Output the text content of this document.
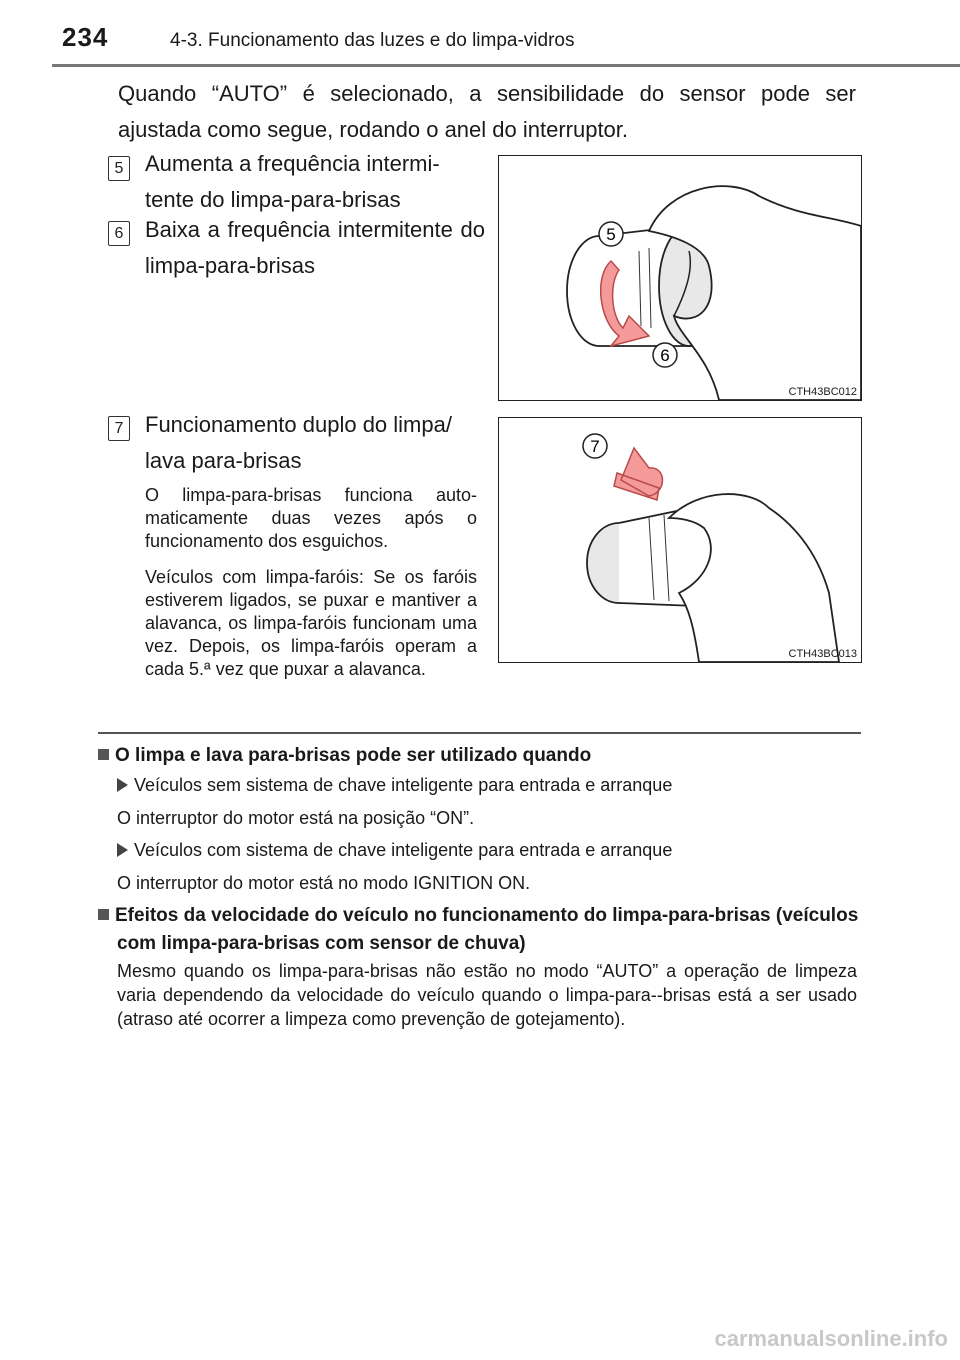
234	4-3. Funcionamento das luzes e do limpa-vidros
Quando “AUTO” é selecionado, a sensibilidade do sensor pode ser ajustada como segue, rodando o anel do interruptor.
5 Aumenta a frequência intermi-tente do limpa-para-brisas
6 Baixa a frequência intermitente do limpa-para-brisas
5
6
CTH43BC012
7 Funcionamento duplo do limpa/ lava para-brisas
O limpa-para-brisas funciona auto-maticamente duas vezes após o funcionamento dos esguichos.
Veículos com limpa-faróis: Se os faróis estiverem ligados, se puxar e mantiver a alavanca, os limpa-faróis funcionam uma vez. Depois, os limpa-faróis operam a cada 5.ª vez que puxar a alavanca.
7
CTH43BC013
O limpa e lava para-brisas pode ser utilizado quando
Veículos sem sistema de chave inteligente para entrada e arranque
O interruptor do motor está na posição “ON”.
Veículos com sistema de chave inteligente para entrada e arranque
O interruptor do motor está no modo IGNITION ON.
Efeitos da velocidade do veículo no funcionamento do limpa-para-brisas (veículos com limpa-para-brisas com sensor de chuva)
Mesmo quando os limpa-para-brisas não estão no modo “AUTO” a operação de limpeza varia dependendo da velocidade do veículo quando o limpa-para--brisas está a ser usado (atraso até ocorrer a limpeza como prevenção de gotejamento).
carmanualsonline.info
